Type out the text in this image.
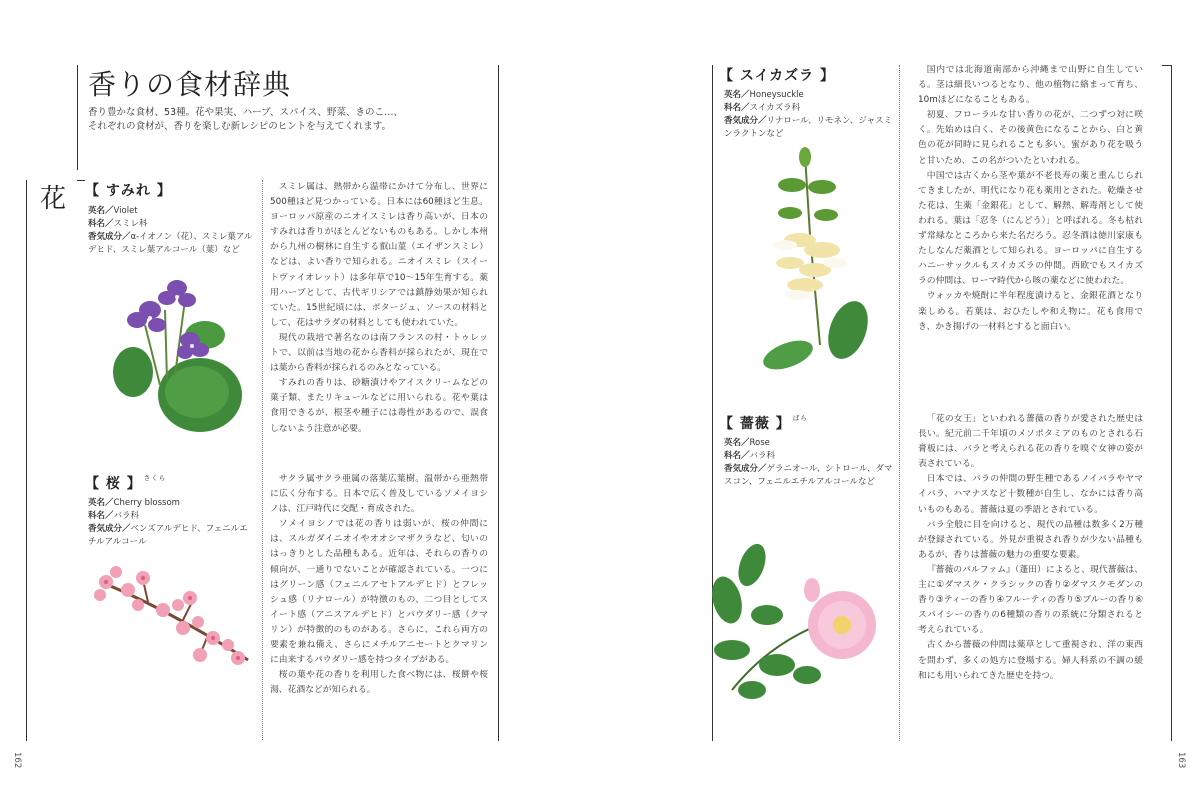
香りの食材辞典
香り豊かな食材、53種。花や果実、ハーブ、スパイス、野菜、きのこ…、
それぞれの食材が、香りを楽しむ新レシピのヒントを与えてくれます。
花 【 すみれ 】
英名／Violet
科名／スミレ科
香気成分／α-イオノン（花）、スミレ葉アルデヒド、スミレ葉アルコール（葉）など

スミレ属は、熱帯から温帯にかけて分布し、世界に500種ほど見つかっている。日本には60種ほど生息。ヨーロッパ原産のニオイスミレは香り高いが、日本のすみれは香りがほとんどないものもある。しかし本州から九州の樹林に自生する叡山菫（エイザンスミレ）などは、よい香りで知られる。ニオイスミレ（スイートヴァイオレット）は多年草で10〜15年生育する。薬用ハーブとして、古代ギリシアでは鎮静効果が知られていた。15世紀頃には、ポタージュ、ソースの材料として、花はサラダの材料としても使われていた。

現代の栽培で著名なのは南フランスの村・トゥレットで、以前は当地の花から香料が採られたが、現在では葉から香料が採られるのみとなっている。

すみれの香りは、砂糖漬けやアイスクリームなどの菓子類、またリキュールなどに用いられる。花や葉は食用できるが、根茎や種子には毒性があるので、誤食しないよう注意が必要。

【 桜 】 $^{さくら}$
英名／Cherry blossom
科名／バラ科
香気成分／ベンズアルデヒド、フェニルエチルアルコール

サクラ属サクラ亜属の落葉広葉樹。温帯から亜熱帯に広く分布する。日本で広く普及しているソメイヨシノは、江戸時代に交配・育成された。

ソメイヨシノでは花の香りは弱いが、桜の仲間には、スルガダイニオイやオオシマザクラなど、匂いのはっきりとした品種もある。近年は、それらの香りの傾向が、一通りでないことが確認されている。一つにはグリーン感（フェニルアセトアルデヒド）とフレッシュ感（リナロール）が特徴のもの、二つ目としてスイート感（アニスアルデヒド）とパウダリー感（クマリン）が特徴的のものがある。さらに、これら両方の要素を兼ね備え、さらにメチルアニセートとクマリンに由来するパウダリー感を持つタイプがある。

桜の葉や花の香りを利用した食べ物には、桜餅や桜湯、花酒などが知られる。

162
【 スイカズラ 】
英名／Honeysuckle
科名／スイカズラ科
香気成分／リナロール、リモネン、ジャスミンラクトンなど

国内では北海道南部から沖縄まで山野に自生している。茎は細長いつるとなり、他の植物に絡まって育ち、10mほどになることもある。

初夏、フローラルな甘い香りの花が、二つずつ対に咲く。先始めは白く、その後黄色になることから、白と黄色の花が同時に見られることも多い。蜜があり花を吸うと甘いため、この名がついたといわれる。

中国では古くから茎や葉が不老長寿の薬と重んじられてきましたが、明代になり花も薬用とされた。乾燥させた花は、生薬「金銀花」として、解熱、解毒剤として使われる。葉は「忍冬（にんどう）」と呼ばれる。冬も枯れず常緑なところから来た名だろう。忍冬酒は徳川家康もたしなんだ薬酒として知られる。ヨーロッパに自生するハニーサックルもスイカズラの仲間。西欧でもスイカズラの仲間は、ローマ時代から咳の薬などに使われた。

ウォッカや焼酎に半年程度漬けると、金銀花酒となり楽しめる。若葉は、おひたしや和え物に。花も食用でき、かき揚げの一材料とすると面白い。

【 薔薇 】 $^{ばら}$
英名／Rose
科名／バラ科
香気成分／ゲラニオール、シトロール、ダマスコン、フェニルエチルアルコールなど

「花の女王」といわれる薔薇の香りが愛された歴史は長い。紀元前二千年頃のメソポタミアのものとされる石膏板には、バラと考えられる花の香りを嗅ぐ女神の姿が表されている。

日本では、バラの仲間の野生種であるノイバラやヤマイバラ、ハマナスなど十数種が自生し、なかには香り高いものもある。薔薇は夏の季語とされている。

バラ全般に目を向けると、現代の品種は数多く2万種が登録されている。外見が重視され香りが少ない品種もあるが、香りは薔薇の魅力の重要な要素。

『薔薇のパルファム』（蓬田）によると、現代薔薇は、主に①ダマスク・クラシックの香り②ダマスクモダンの香り③ティーの香り④フルーティの香り⑤ブルーの香り⑥スパイシーの香りの6種類の香りの系統に分類されると考えられている。

古くから薔薇の仲間は薬草として重視され、洋の東西を問わず、多くの処方に登場する。婦人科系の不調の緩和にも用いられてきた歴史を持つ。

163
